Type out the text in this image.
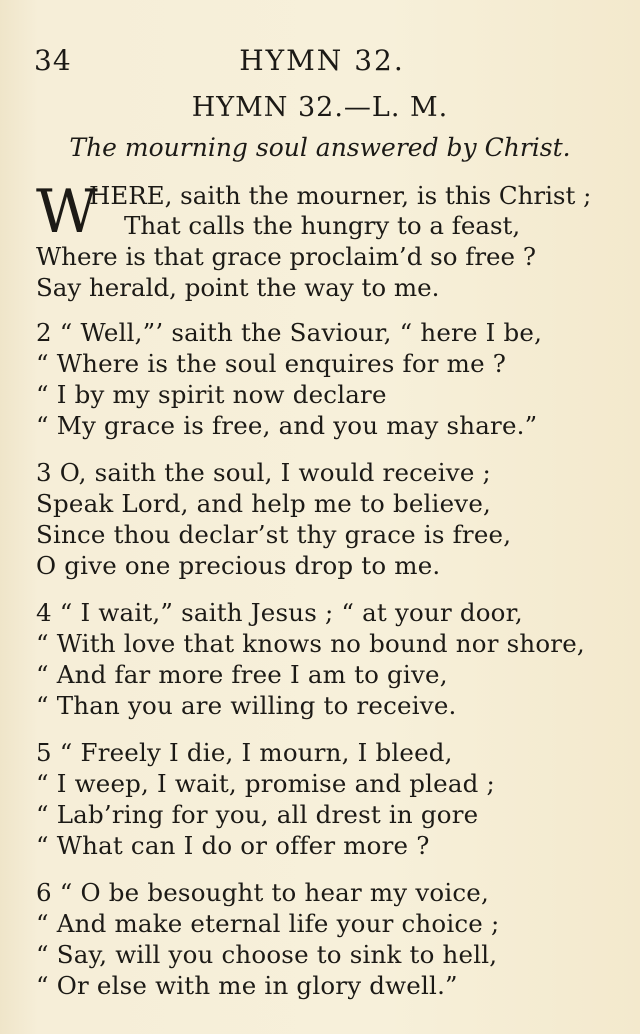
34	HYMN 32.
HYMN 32.—L. M.
The mourning soul answered by Christ.
W
HERE, saith the mourner, is this Christ ;
That calls the hungry to a feast,
Where is that grace proclaim’d so free ?
Say herald, point the way to me.
2 “ Well,”’ saith the Saviour, “ here I be,
“ Where is the soul enquires for me ?
“ I by my spirit now declare
“ My grace is free, and you may share.”
3 O, saith the soul, I would receive ;
Speak Lord, and help me to believe,
Since thou declar’st thy grace is free,
O give one precious drop to me.
4 “ I wait,” saith Jesus ; “ at your door,
“ With love that knows no bound nor shore,
“ And far more free I am to give,
“ Than you are willing to receive.
5 “ Freely I die, I mourn, I bleed,
“ I weep, I wait, promise and plead ;
“ Lab’ring for you, all drest in gore
“ What can I do or offer more ?
6 “ O be besought to hear my voice,
“ And make eternal life your choice ;
“ Say, will you choose to sink to hell,
“ Or else with me in glory dwell.”
